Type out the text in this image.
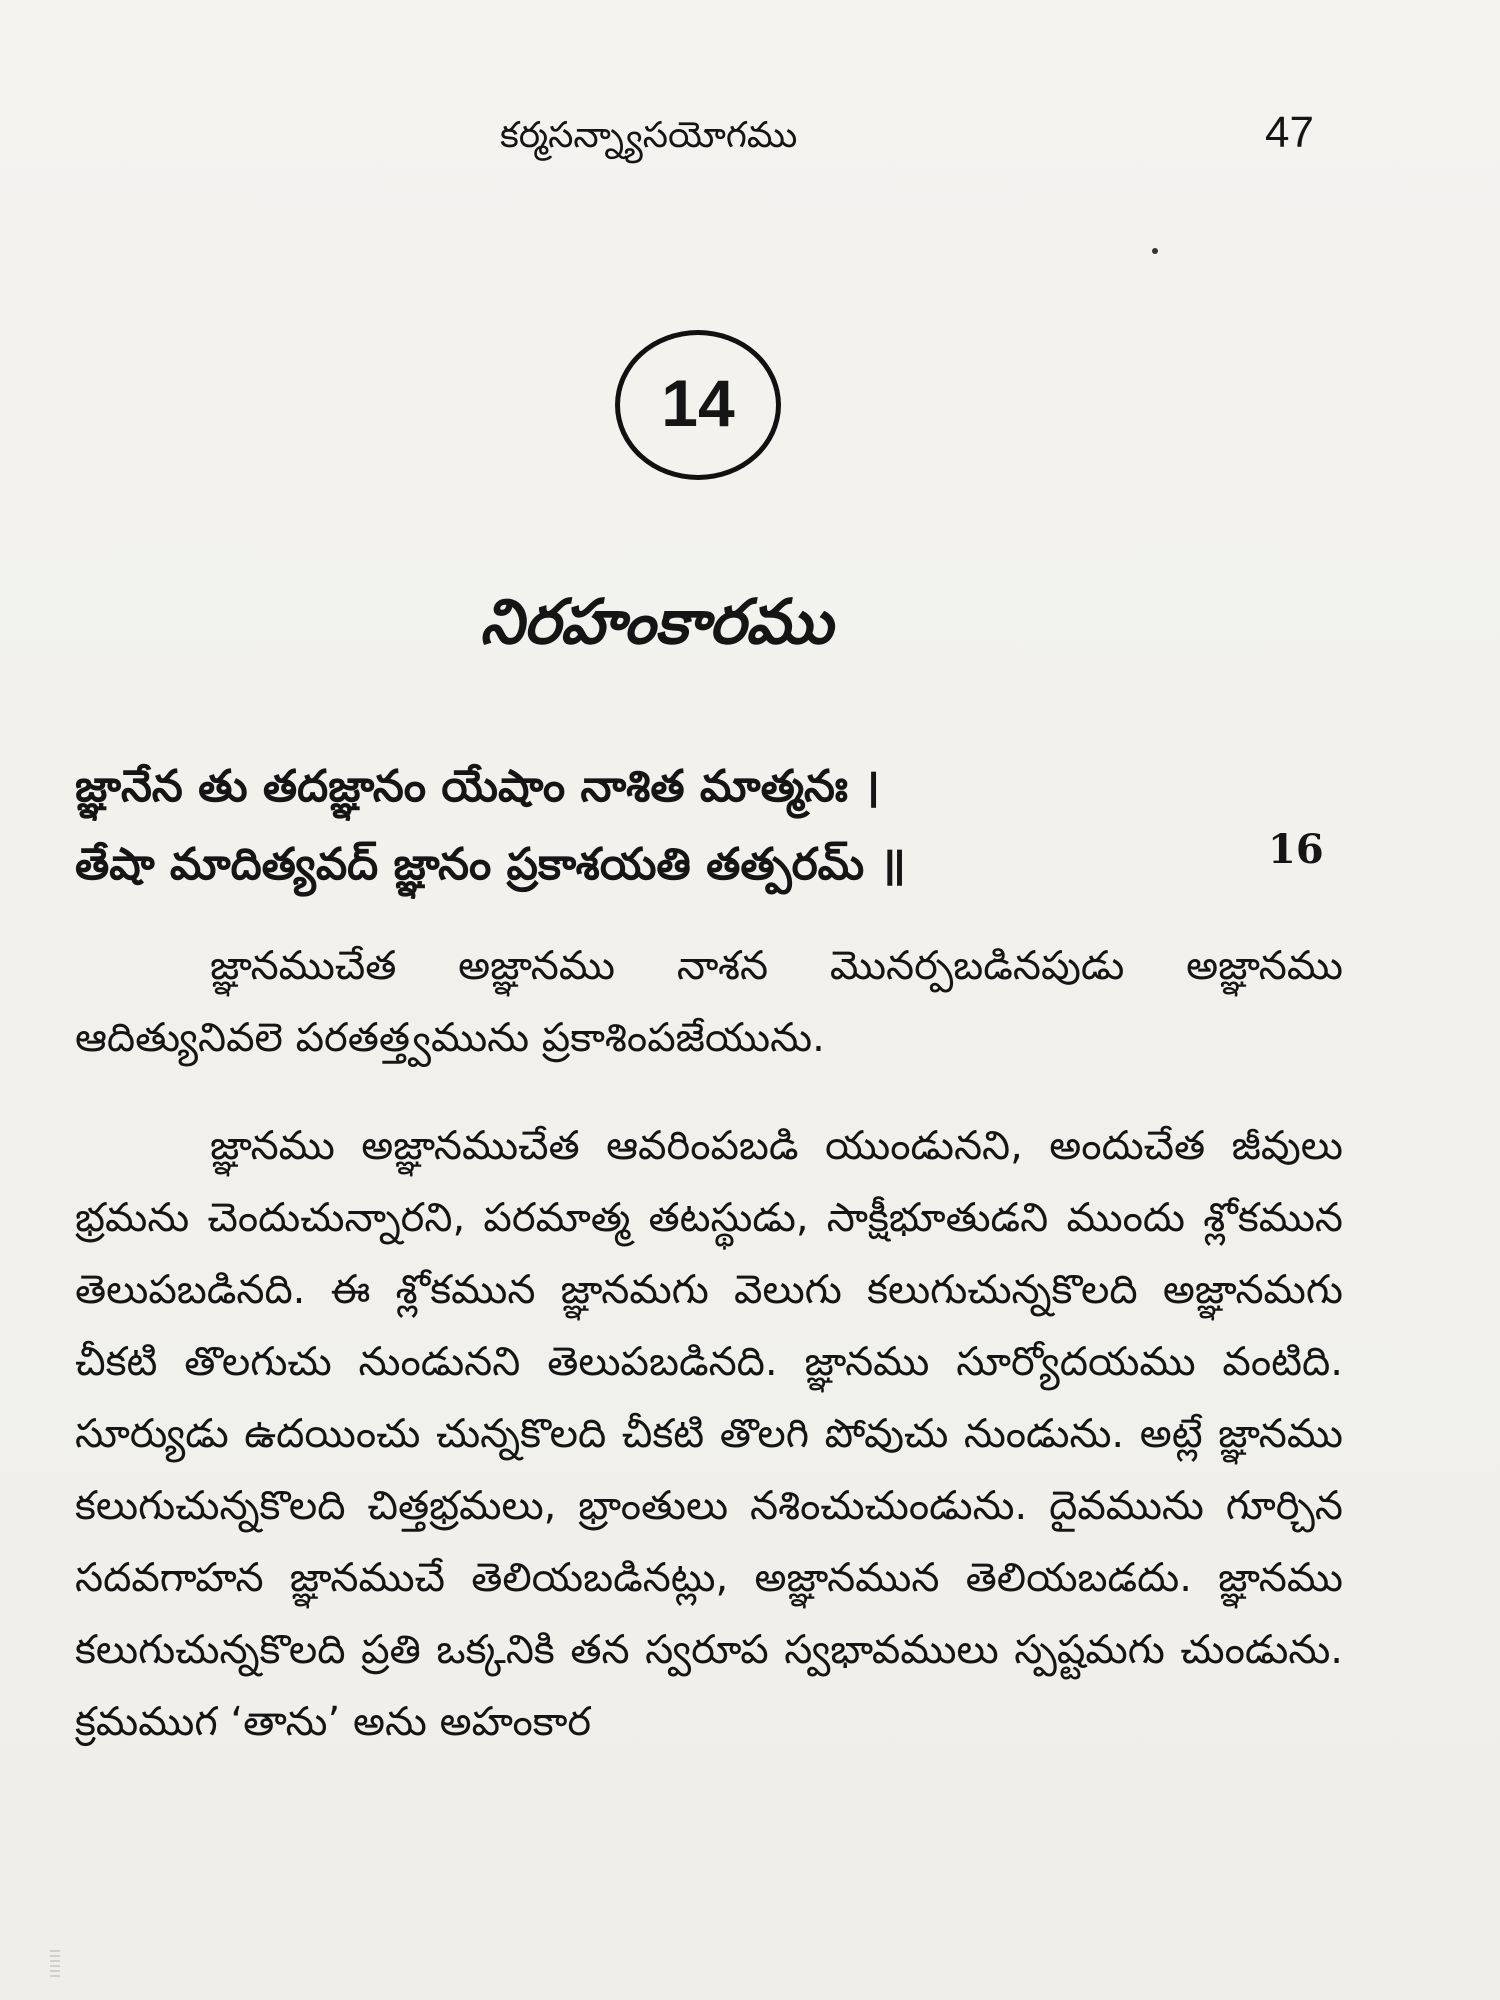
కర్మసన్న్యాసయోగము	47
14
నిరహంకారము
జ్ఞానేన తు తదజ్ఞానం యేషాం నాశిత మాత్మనః ।
తేషా మాదిత్యవద్ జ్ఞానం ప్రకాశయతి తత్పరమ్ ॥	16
జ్ఞానముచేత అజ్ఞానము నాశన మొనర్పబడినపుడు అజ్ఞానము ఆదిత్యునివలె పరతత్త్వమును ప్రకాశింపజేయును.
జ్ఞానము అజ్ఞానముచేత ఆవరింపబడి యుండునని, అందుచేత జీవులు భ్రమను చెందుచున్నారని, పరమాత్మ తటస్థుడు, సాక్షీభూతుడని ముందు శ్లోకమున తెలుపబడినది. ఈ శ్లోకమున జ్ఞానమగు వెలుగు కలుగుచున్నకొలది అజ్ఞానమగు చీకటి తొలగుచు నుండునని తెలుపబడినది. జ్ఞానము సూర్యోదయము వంటిది. సూర్యుడు ఉదయించు చున్నకొలది చీకటి తొలగి పోవుచు నుండును. అట్లే జ్ఞానము కలుగుచున్నకొలది చిత్తభ్రమలు, భ్రాంతులు నశించుచుండును. దైవమును గూర్చిన సదవగాహన జ్ఞానముచే తెలియబడినట్లు, అజ్ఞానమున తెలియబడదు. జ్ఞానము కలుగుచున్నకొలది ప్రతి ఒక్కనికి తన స్వరూప స్వభావములు స్పష్టమగు చుండును. క్రమముగ ‘తాను’ అను అహంకార
